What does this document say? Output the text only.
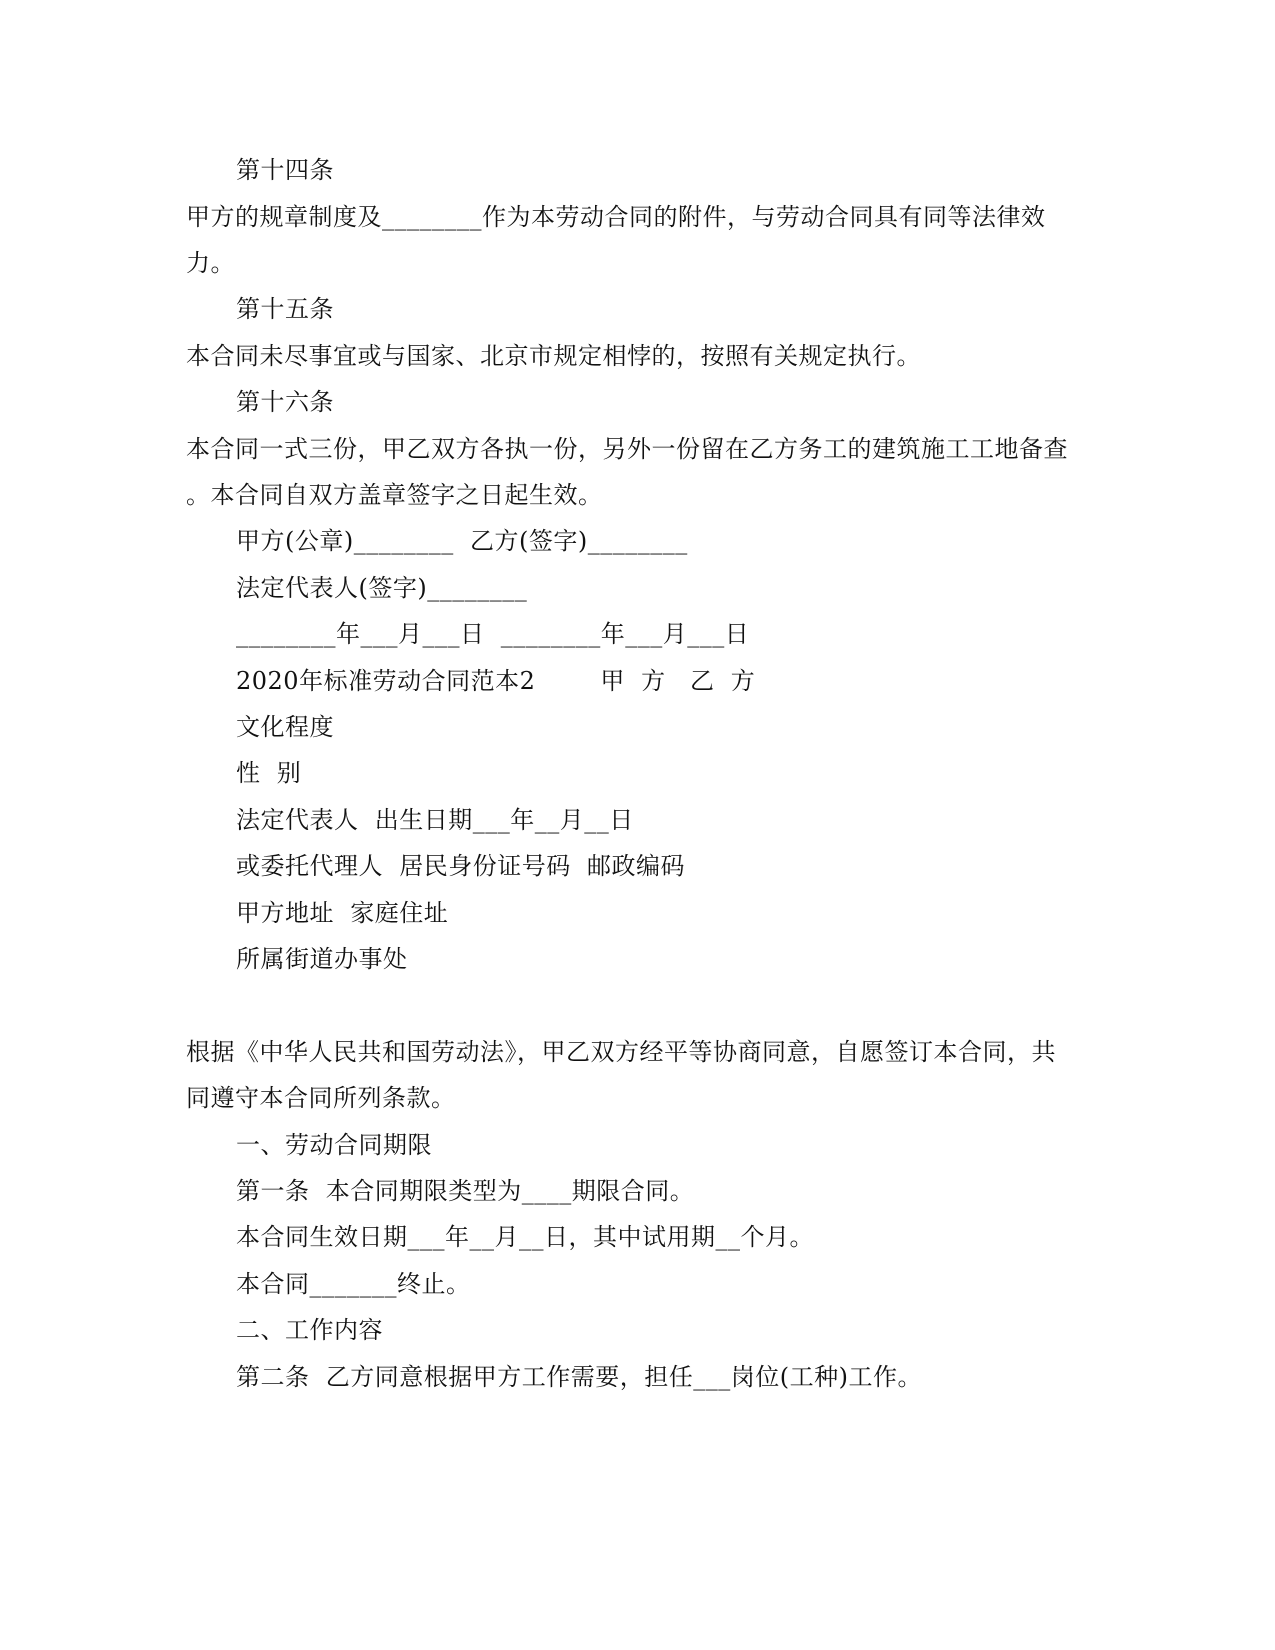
第十四条
甲方的规章制度及________作为本劳动合同的附件，与劳动合同具有同等法律效
力。
第十五条
本合同未尽事宜或与国家、北京市规定相悖的，按照有关规定执行。
第十六条
本合同一式三份，甲乙双方各执一份，另外一份留在乙方务工的建筑施工工地备查
。本合同自双方盖章签字之日起生效。
甲方(公章)________  乙方(签字)________
法定代表人(签字)________
________年___月___日  ________年___月___日
2020年标准劳动合同范本2        甲  方   乙  方
文化程度
性  别
法定代表人  出生日期___年__月__日
或委托代理人  居民身份证号码  邮政编码
甲方地址  家庭住址
所属街道办事处
根据《中华人民共和国劳动法》，甲乙双方经平等协商同意，自愿签订本合同，共
同遵守本合同所列条款。
一、劳动合同期限
第一条  本合同期限类型为____期限合同。
本合同生效日期___年__月__日，其中试用期__个月。
本合同_______终止。
二、工作内容
第二条  乙方同意根据甲方工作需要，担任___岗位(工种)工作。
